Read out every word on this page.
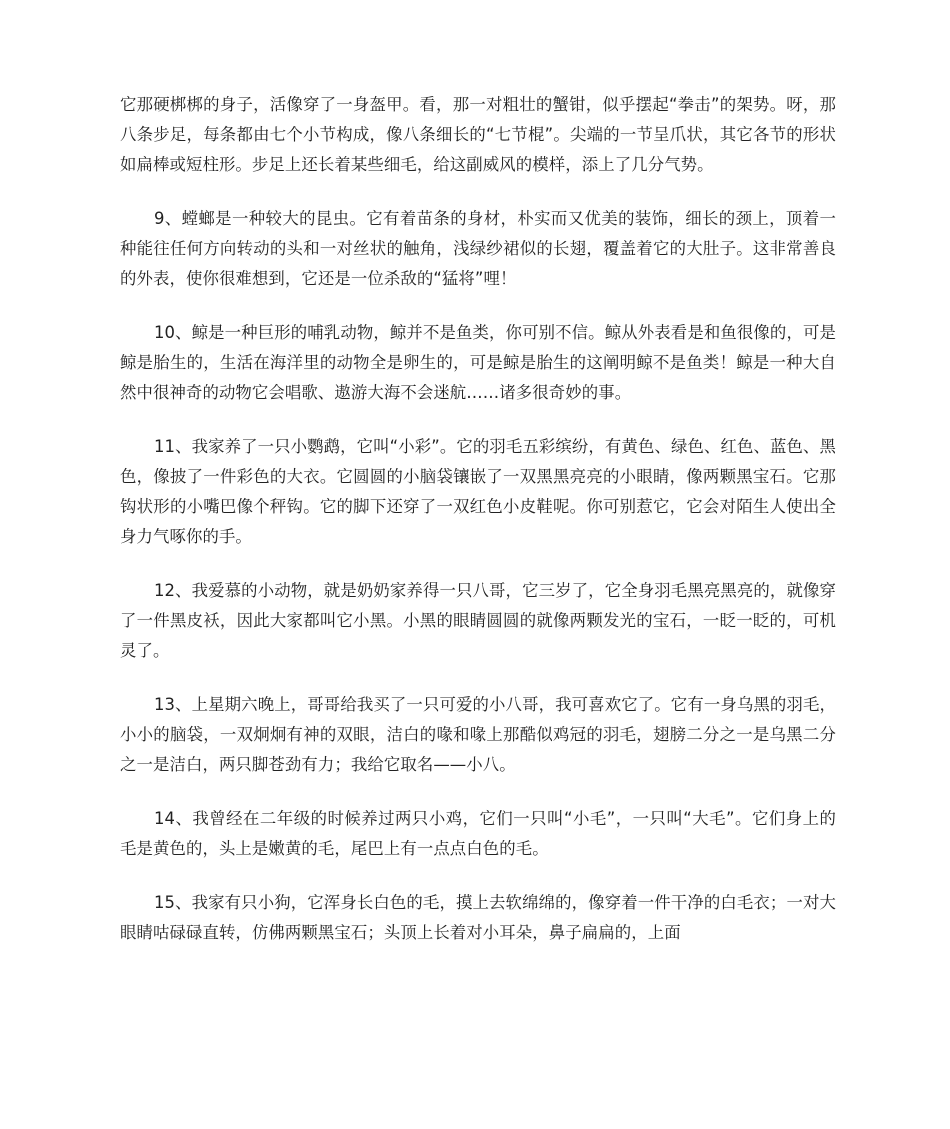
它那硬梆梆的身子，活像穿了一身盔甲。看，那一对粗壮的蟹钳，似乎摆起“拳击”的架势。呀，那八条步足，每条都由七个小节构成，像八条细长的“七节棍”。尖端的一节呈爪状，其它各节的形状如扁棒或短柱形。步足上还长着某些细毛，给这副威风的模样，添上了几分气势。

9、螳螂是一种较大的昆虫。它有着苗条的身材，朴实而又优美的装饰，细长的颈上，顶着一种能往任何方向转动的头和一对丝状的触角，浅绿纱裙似的长翅，覆盖着它的大肚子。这非常善良的外表，使你很难想到，它还是一位杀敌的“猛将”哩！

10、鲸是一种巨形的哺乳动物，鲸并不是鱼类，你可别不信。鲸从外表看是和鱼很像的，可是鲸是胎生的，生活在海洋里的动物全是卵生的，可是鲸是胎生的这阐明鲸不是鱼类！鲸是一种大自然中很神奇的动物它会唱歌、遨游大海不会迷航……诸多很奇妙的事。

11、我家养了一只小鹦鹉，它叫“小彩”。它的羽毛五彩缤纷，有黄色、绿色、红色、蓝色、黑色，像披了一件彩色的大衣。它圆圆的小脑袋镶嵌了一双黑黑亮亮的小眼睛，像两颗黑宝石。它那钩状形的小嘴巴像个秤钩。它的脚下还穿了一双红色小皮鞋呢。你可别惹它，它会对陌生人使出全身力气啄你的手。

12、我爱慕的小动物，就是奶奶家养得一只八哥，它三岁了，它全身羽毛黑亮黑亮的，就像穿了一件黑皮袄，因此大家都叫它小黑。小黑的眼睛圆圆的就像两颗发光的宝石，一眨一眨的，可机灵了。

13、上星期六晚上，哥哥给我买了一只可爱的小八哥，我可喜欢它了。它有一身乌黑的羽毛，小小的脑袋，一双炯炯有神的双眼，洁白的喙和喙上那酷似鸡冠的羽毛，翅膀二分之一是乌黑二分之一是洁白，两只脚苍劲有力；我给它取名——小八。

14、我曾经在二年级的时候养过两只小鸡，它们一只叫“小毛”，一只叫“大毛”。它们身上的毛是黄色的，头上是嫩黄的毛，尾巴上有一点点白色的毛。

15、我家有只小狗，它浑身长白色的毛，摸上去软绵绵的，像穿着一件干净的白毛衣；一对大眼睛咕碌碌直转，仿佛两颗黑宝石；头顶上长着对小耳朵，鼻子扁扁的，上面
